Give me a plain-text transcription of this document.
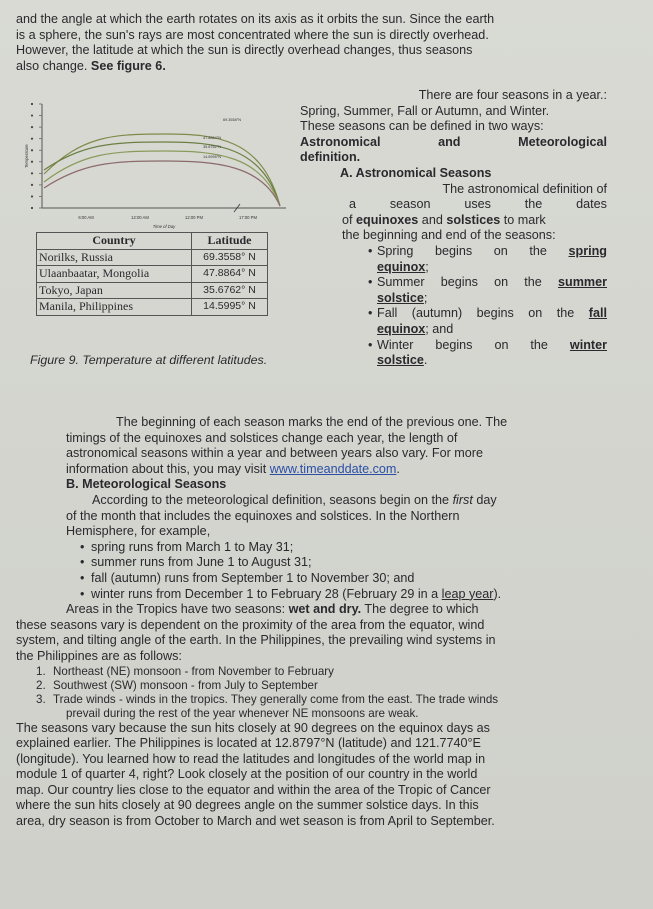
and the angle at which the earth rotates on its axis as it orbits the sun. Since the earth
is a sphere, the sun's rays are most concentrated where the sun is directly overhead.
However, the latitude at which the sun is directly overhead changes, thus seasons
also change. See figure 6.
6:00 AM	12:00 AM	12:00 PM	17:00 PM
Time of Day
Temperature
69.3558°N
47.8864°N
35.6762°N
14.5995°N
Country	Latitude
Norilks, Russia	69.3558° N
Ulaanbaatar, Mongolia	47.8864° N
Tokyo, Japan	35.6762° N
Manila, Philippines	14.5995° N
Figure 9. Temperature at different latitudes.
There are four seasons in a year.:
Spring, Summer, Fall or Autumn, and Winter.
These seasons can be defined in two ways:
Astronomical	and	Meteorological
definition.
A. Astronomical Seasons
The astronomical definition of
a	season	uses	the	dates
of equinoxes and solstices to mark
the beginning and end of the seasons:
• Spring begins on the spring
equinox;
• Summer begins on the summer
solstice;
• Fall (autumn) begins on the fall
equinox; and
• Winter begins on the winter
solstice.
The beginning of each season marks the end of the previous one. The
timings of the equinoxes and solstices change each year, the length of
astronomical seasons within a year and between years also vary. For more
information about this, you may visit www.timeanddate.com.
B. Meteorological Seasons
According to the meteorological definition, seasons begin on the first day
of the month that includes the equinoxes and solstices. In the Northern
Hemisphere, for example,
• spring runs from March 1 to May 31;
• summer runs from June 1 to August 31;
• fall (autumn) runs from September 1 to November 30; and
• winter runs from December 1 to February 28 (February 29 in a leap year).
Areas in the Tropics have two seasons: wet and dry. The degree to which
these seasons vary is dependent on the proximity of the area from the equator, wind
system, and tilting angle of the earth. In the Philippines, the prevailing wind systems in
the Philippines are as follows:
1. Northeast (NE) monsoon - from November to February
2. Southwest (SW) monsoon - from July to September
3. Trade winds - winds in the tropics. They generally come from the east. The trade winds
prevail during the rest of the year whenever NE monsoons are weak.
The seasons vary because the sun hits closely at 90 degrees on the equinox days as
explained earlier. The Philippines is located at 12.8797°N (latitude) and 121.7740°E
(longitude). You learned how to read the latitudes and longitudes of the world map in
module 1 of quarter 4, right? Look closely at the position of our country in the world
map. Our country lies close to the equator and within the area of the Tropic of Cancer
where the sun hits closely at 90 degrees angle on the summer solstice days. In this
area, dry season is from October to March and wet season is from April to September.
